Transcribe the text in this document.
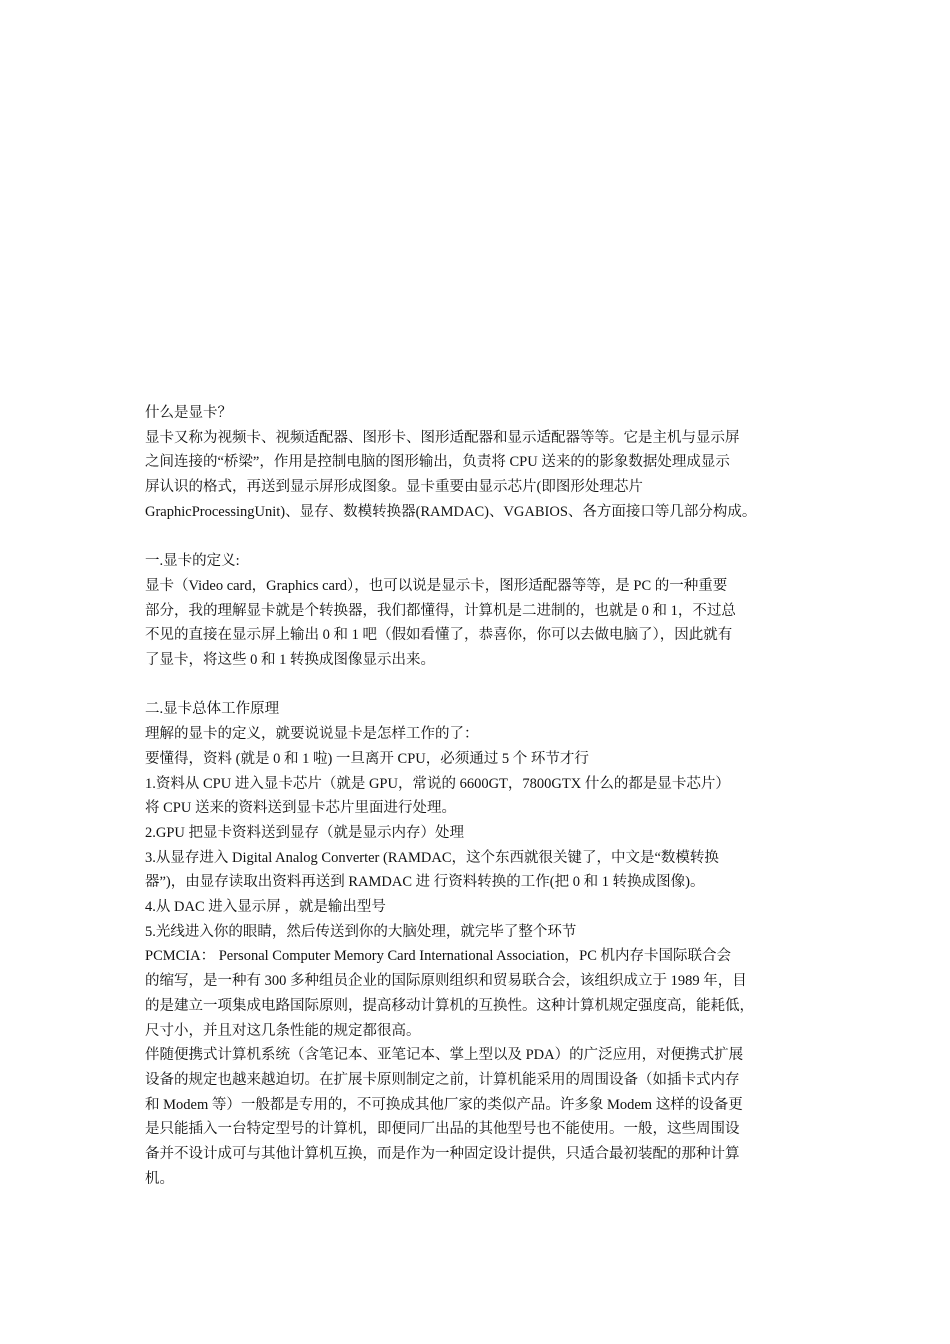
什么是显卡？

显卡又称为视频卡、视频适配器、图形卡、图形适配器和显示适配器等等。它是主机与显示屏

之间连接的“桥梁”，作用是控制电脑的图形输出，负责将 CPU 送来的的影象数据处理成显示

屏认识的格式，再送到显示屏形成图象。显卡重要由显示芯片(即图形处理芯片

GraphicProcessingUnit)、显存、数模转换器(RAMDAC)、VGABIOS、各方面接口等几部分构成。

一.显卡的定义:

显卡（Video card，Graphics card），也可以说是显示卡，图形适配器等等，是 PC 的一种重要

部分，我的理解显卡就是个转换器，我们都懂得，计算机是二进制的，也就是 0 和 1，不过总

不见的直接在显示屏上输出 0 和 1 吧（假如看懂了，恭喜你，你可以去做电脑了），因此就有

了显卡，将这些 0 和 1 转换成图像显示出来。

二.显卡总体工作原理

理解的显卡的定义，就要说说显卡是怎样工作的了：

要懂得，资料 (就是 0 和 1 啦) 一旦离开 CPU，必须通过 5 个 环节才行

1.资料从 CPU 进入显卡芯片（就是 GPU，常说的 6600GT，7800GTX 什么的都是显卡芯片）

将 CPU 送来的资料送到显卡芯片里面进行处理。

2.GPU 把显卡资料送到显存（就是显示内存）处理

3.从显存进入 Digital Analog Converter (RAMDAC，这个东西就很关键了，中文是“数模转换

器”)，由显存读取出资料再送到 RAMDAC 进 行资料转换的工作(把 0 和 1 转换成图像)。

4.从 DAC 进入显示屏 ，就是输出型号

5.光线进入你的眼睛，然后传送到你的大脑处理，就完毕了整个环节

PCMCIA： Personal Computer Memory Card International Association，PC 机内存卡国际联合会

的缩写，是一种有 300 多种组员企业的国际原则组织和贸易联合会，该组织成立于 1989 年，目

的是建立一项集成电路国际原则，提高移动计算机的互换性。这种计算机规定强度高，能耗低，

尺寸小，并且对这几条性能的规定都很高。

伴随便携式计算机系统（含笔记本、亚笔记本、掌上型以及 PDA）的广泛应用，对便携式扩展

设备的规定也越来越迫切。在扩展卡原则制定之前，计算机能采用的周围设备（如插卡式内存

和 Modem 等）一般都是专用的，不可换成其他厂家的类似产品。许多象 Modem 这样的设备更

是只能插入一台特定型号的计算机，即便同厂出品的其他型号也不能使用。一般，这些周围设

备并不设计成可与其他计算机互换，而是作为一种固定设计提供，只适合最初装配的那种计算

机。
